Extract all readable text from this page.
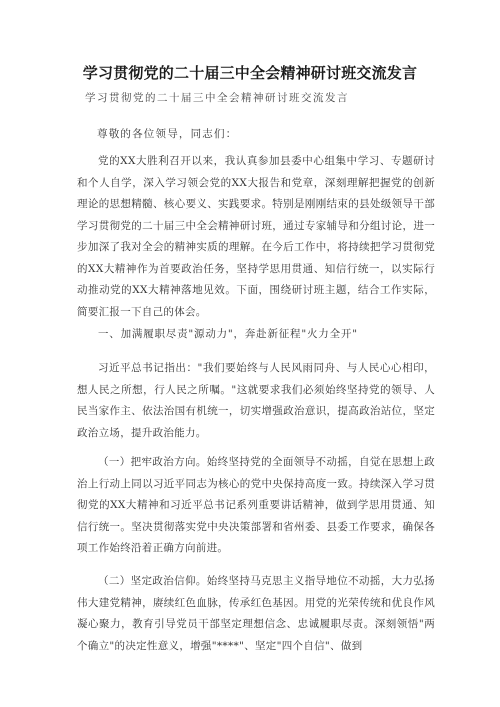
学习贯彻党的二十届三中全会精神研讨班交流发言
学习贯彻党的二十届三中全会精神研讨班交流发言
尊敬的各位领导，同志们：
党的XX大胜利召开以来，我认真参加县委中心组集中学习、专题研讨和个人自学，深入学习领会党的XX大报告和党章，深刻理解把握党的创新理论的思想精髓、核心要义、实践要求。特别是刚刚结束的县处级领导干部学习贯彻党的二十届三中全会精神研讨班，通过专家辅导和分组讨论，进一步加深了我对全会的精神实质的理解。在今后工作中，将持续把学习贯彻党的XX大精神作为首要政治任务，坚持学思用贯通、知信行统一，以实际行动推动党的XX大精神落地见效。下面，围绕研讨班主题，结合工作实际，简要汇报一下自己的体会。
一、加满履职尽责"源动力"，奔赴新征程"火力全开"
习近平总书记指出："我们要始终与人民风雨同舟、与人民心心相印，想人民之所想，行人民之所嘱。"这就要求我们必须始终坚持党的领导、人民当家作主、依法治国有机统一，切实增强政治意识，提高政治站位，坚定政治立场，提升政治能力。
（一）把牢政治方向。始终坚持党的全面领导不动摇，自觉在思想上政治上行动上同以习近平同志为核心的党中央保持高度一致。持续深入学习贯彻党的XX大精神和习近平总书记系列重要讲话精神，做到学思用贯通、知信行统一。坚决贯彻落实党中央决策部署和省州委、县委工作要求，确保各项工作始终沿着正确方向前进。
（二）坚定政治信仰。始终坚持马克思主义指导地位不动摇，大力弘扬伟大建党精神，赓续红色血脉，传承红色基因。用党的光荣传统和优良作风凝心聚力，教育引导党员干部坚定理想信念、忠诚履职尽责。深刻领悟"两个确立"的决定性意义，增强"****"、坚定"四个自信"、做到
